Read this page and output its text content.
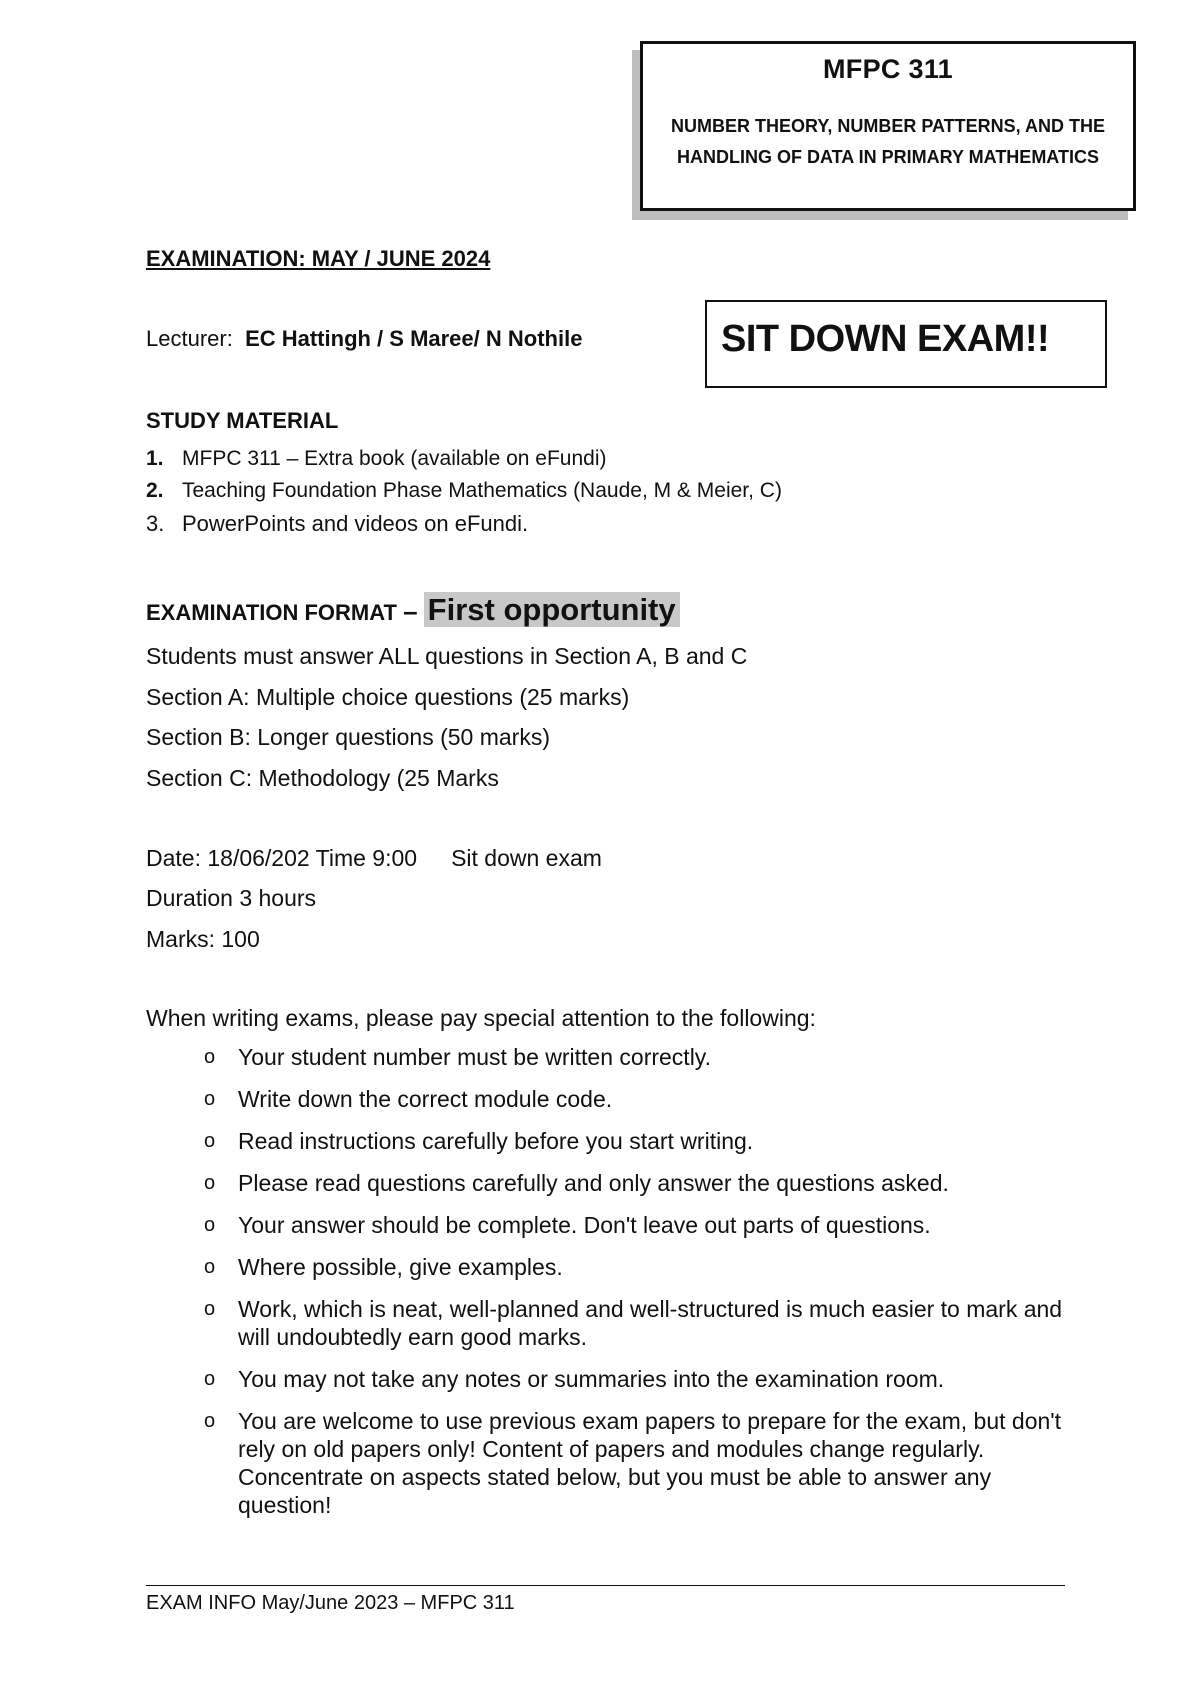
MFPC 311
NUMBER THEORY, NUMBER PATTERNS, AND THE
HANDLING OF DATA IN PRIMARY MATHEMATICS
EXAMINATION: MAY / JUNE 2024
SIT DOWN EXAM!!
Lecturer: EC Hattingh / S Maree/ N Nothile
STUDY MATERIAL
1. MFPC 311 – Extra book (available on eFundi)
2. Teaching Foundation Phase Mathematics (Naude, M & Meier, C)
3. PowerPoints and videos on eFundi.
EXAMINATION FORMAT – First opportunity
Students must answer ALL questions in Section A, B and C
Section A: Multiple choice questions (25 marks)
Section B: Longer questions (50 marks)
Section C: Methodology (25 Marks
Date: 18/06/202 Time 9:00 Sit down exam
Duration 3 hours
Marks: 100
When writing exams, please pay special attention to the following:
o Your student number must be written correctly.
o Write down the correct module code.
o Read instructions carefully before you start writing.
o Please read questions carefully and only answer the questions asked.
o Your answer should be complete. Don't leave out parts of questions.
o Where possible, give examples.
o Work, which is neat, well-planned and well-structured is much easier to mark and will undoubtedly earn good marks.
o You may not take any notes or summaries into the examination room.
o You are welcome to use previous exam papers to prepare for the exam, but don't rely on old papers only! Content of papers and modules change regularly. Concentrate on aspects stated below, but you must be able to answer any question!
EXAM INFO May/June 2023 – MFPC 311
